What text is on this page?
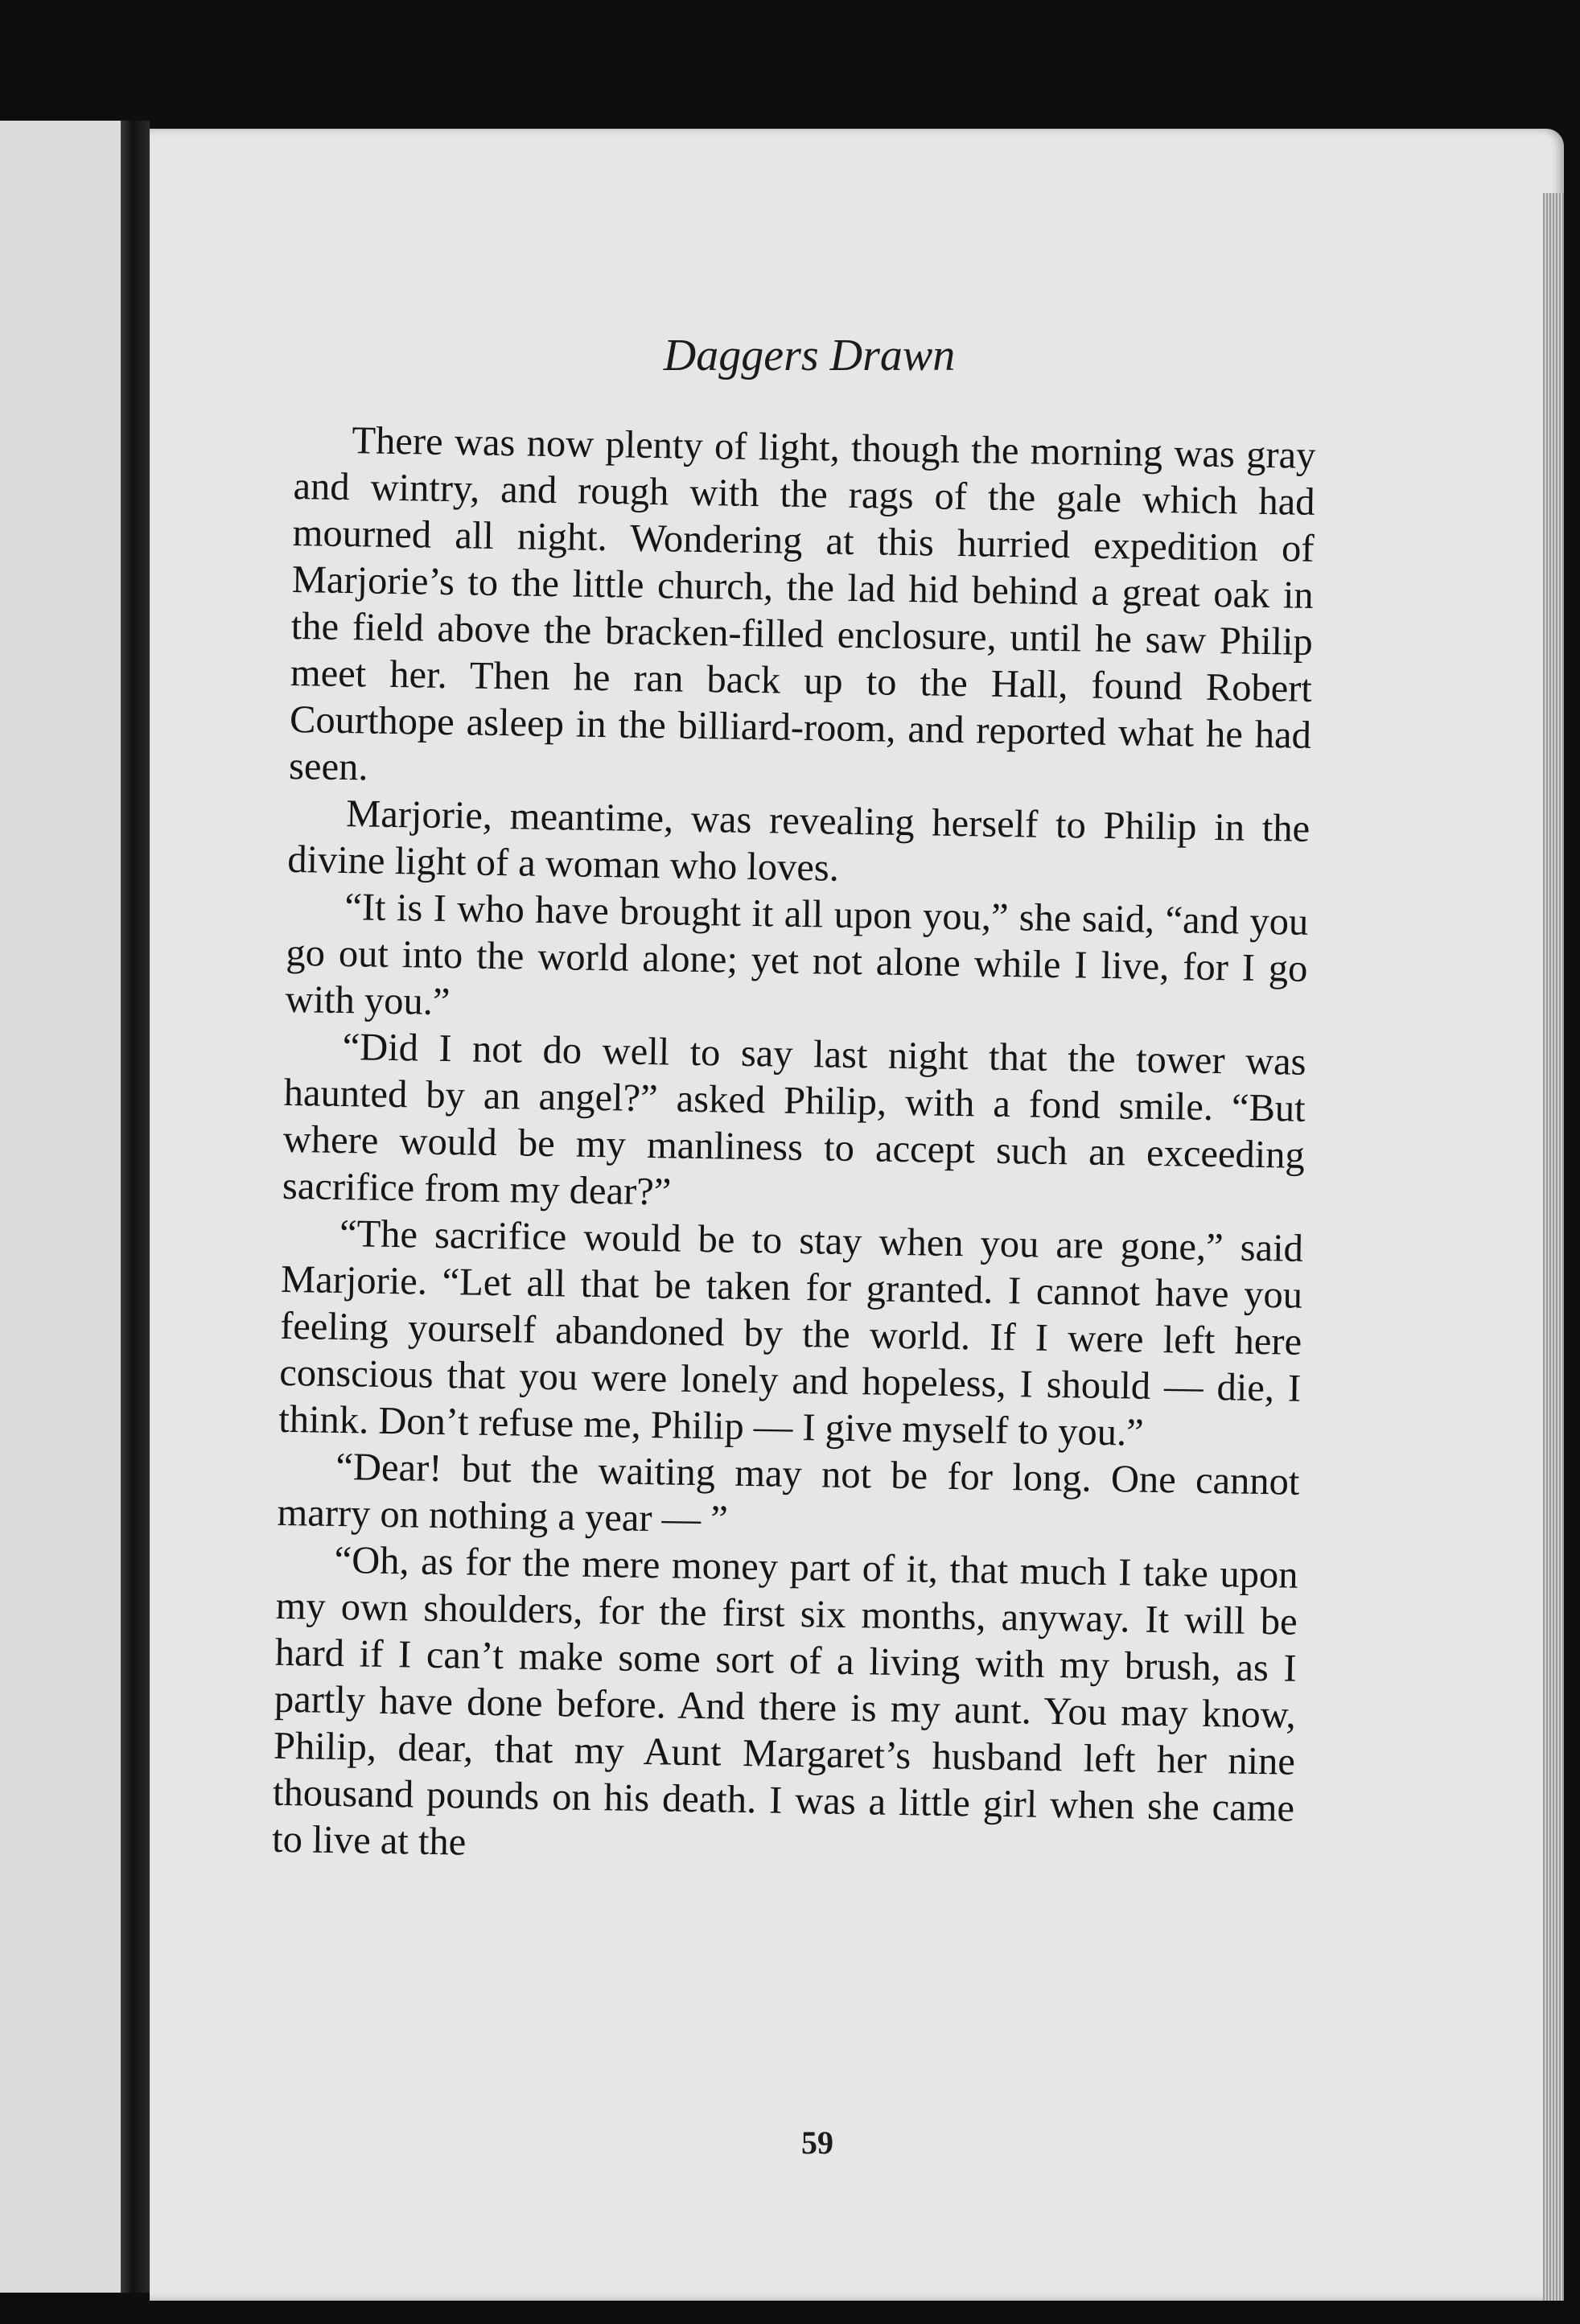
Daggers Drawn

There was now plenty of light, though the morning was gray and wintry, and rough with the rags of the gale which had mourned all night. Wondering at this hurried expedition of Marjorie’s to the little church, the lad hid behind a great oak in the field above the bracken-filled enclosure, until he saw Philip meet her. Then he ran back up to the Hall, found Robert Courthope asleep in the billiard-room, and reported what he had seen.

Marjorie, meantime, was revealing herself to Philip in the divine light of a woman who loves.

“It is I who have brought it all upon you,” she said, “and you go out into the world alone; yet not alone while I live, for I go with you.”

“Did I not do well to say last night that the tower was haunted by an angel?” asked Philip, with a fond smile. “But where would be my manliness to accept such an exceeding sacrifice from my dear?”

“The sacrifice would be to stay when you are gone,” said Marjorie. “Let all that be taken for granted. I cannot have you feeling yourself abandoned by the world. If I were left here conscious that you were lonely and hopeless, I should — die, I think. Don’t refuse me, Philip — I give myself to you.”

“Dear! but the waiting may not be for long. One cannot marry on nothing a year — ”

“Oh, as for the mere money part of it, that much I take upon my own shoulders, for the first six months, anyway. It will be hard if I can’t make some sort of a living with my brush, as I partly have done before. And there is my aunt. You may know, Philip, dear, that my Aunt Margaret’s husband left her nine thousand pounds on his death. I was a little girl when she came to live at the

59
